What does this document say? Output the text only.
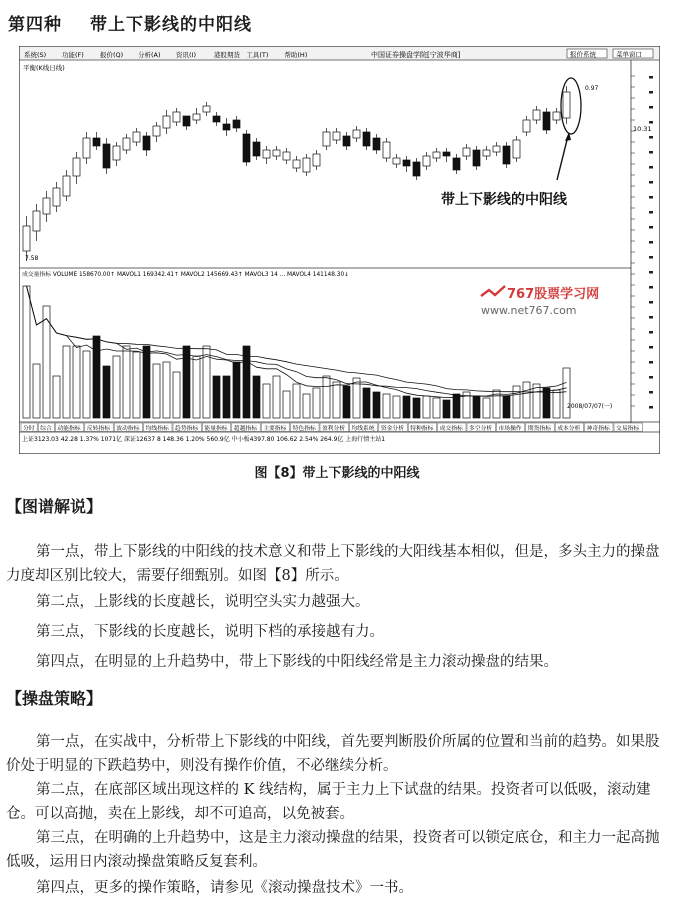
第四种 带上下影线的中阳线
系统(S) 功能(F) 报价(Q) 分析(A) 资讯(I)	港股期货 工具(T) 帮助(H)	中国证券操盘学院[宁波华商]	报价系统	菜单窗口
平衡(K线日线)
0.97
10.31
7.58
带上下影线的中阳线
成交量指标 VOLUME 158670.00↑ MAVOL1 169342.41↑ MAVOL2 145669.43↑ MAVOL3 14 ... MAVOL4 141148.30↓
767股票学习网
www.net767.com
2008/07/07(一)
分时 综合 动能指标 反转指标 波动指标 均线指标 趋势指标 能量指标 超越指标 主要指标 特色指标 盈利分析 均线系统 资金分析 特种指标 成交指标 多空分析 市场操作 期货指标 成本分析 神奇指标 交易指标
上证3123.03 42.28 1.37% 1071亿 深证12637 8 148.36 1.20% 560.9亿 中小板4397.80 106.62 2.54% 264.9亿 上海行情主站1
图【8】带上下影线的中阳线
【图谱解说】

第一点，带上下影线的中阳线的技术意义和带上下影线的大阳线基本相似，但是，多头主力的操盘力度却区别比较大，需要仔细甄别。如图【8】所示。

第二点，上影线的长度越长，说明空头实力越强大。

第三点，下影线的长度越长，说明下档的承接越有力。

第四点，在明显的上升趋势中，带上下影线的中阳线经常是主力滚动操盘的结果。

【操盘策略】

第一点，在实战中，分析带上下影线的中阳线，首先要判断股价所属的位置和当前的趋势。如果股价处于明显的下跌趋势中，则没有操作价值，不必继续分析。

第二点，在底部区域出现这样的 K 线结构，属于主力上下试盘的结果。投资者可以低吸，滚动建仓。可以高抛，卖在上影线，却不可追高，以免被套。

第三点，在明确的上升趋势中，这是主力滚动操盘的结果，投资者可以锁定底仓，和主力一起高抛低吸，运用日内滚动操盘策略反复套利。

第四点，更多的操作策略，请参见《滚动操盘技术》一书。
